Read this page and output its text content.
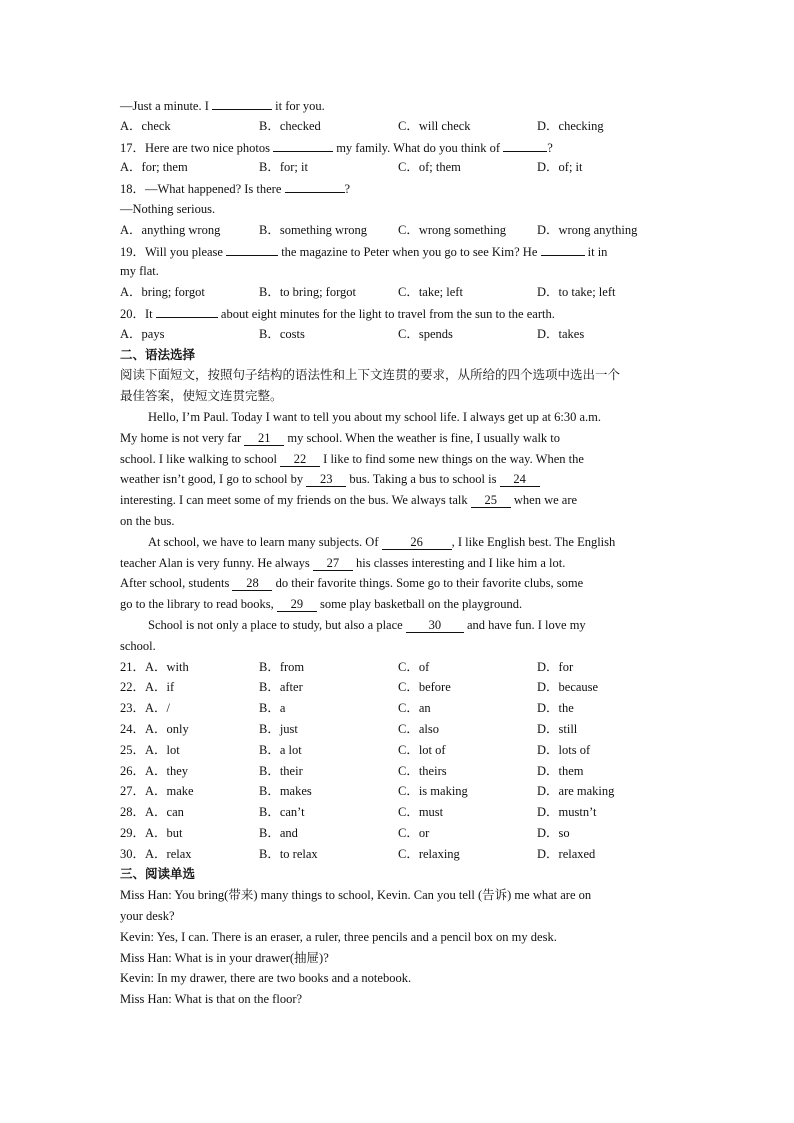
—Just a minute. I	it for you.
A．check	B．checked	C．will check	D．checking
17．Here are two nice photos	my family. What do you think of	?
A．for; them	B．for; it	C．of; them	D．of; it
18．—What happened? Is there	?
—Nothing serious.
A．anything wrong	B．something wrong	C．wrong something	D．wrong anything
19．Will you please	the magazine to Peter when you go to see Kim? He	it in
my flat.
A．bring; forgot	B．to bring; forgot	C．take; left	D．to take; left
20．It	about eight minutes for the light to travel from the sun to the earth.
A．pays	B．costs	C．spends	D．takes
二、语法选择
阅读下面短文，按照句子结构的语法性和上下文连贯的要求，从所给的四个选项中选出一个
最佳答案，使短文连贯完整。
Hello, I’m Paul. Today I want to tell you about my school life. I always get up at 6:30 a.m.
My home is not very far 21 my school. When the weather is fine, I usually walk to
school. I like walking to school 22 I like to find some new things on the way. When the
weather isn’t good, I go to school by 23 bus. Taking a bus to school is 24
interesting. I can meet some of my friends on the bus. We always talk 25 when we are
on the bus.
At school, we have to learn many subjects. Of	26 , I like English best. The English
teacher Alan is very funny. He always 27 his classes interesting and I like him a lot.
After school, students 28 do their favorite things. Some go to their favorite clubs, some
go to the library to read books, 29 some play basketball on the playground.
School is not only a place to study, but also a place 30 and have fun. I love my
school.
21．A．with	B．from	C．of	D．for
22．A．if	B．after	C．before	D．because
23．A．/	B．a	C．an	D．the
24．A．only	B．just	C．also	D．still
25．A．lot	B．a lot	C．lot of	D．lots of
26．A．they	B．their	C．theirs	D．them
27．A．make	B．makes	C．is making	D．are making
28．A．can	B．can’t	C．must	D．mustn’t
29．A．but	B．and	C．or	D．so
30．A．relax	B．to relax	C．relaxing	D．relaxed
三、阅读单选
Miss Han: You bring(带来) many things to school, Kevin. Can you tell (告诉) me what are on
your desk?
Kevin: Yes, I can. There is an eraser, a ruler, three pencils and a pencil box on my desk.
Miss Han: What is in your drawer(抽屉)?
Kevin: In my drawer, there are two books and a notebook.
Miss Han: What is that on the floor?
